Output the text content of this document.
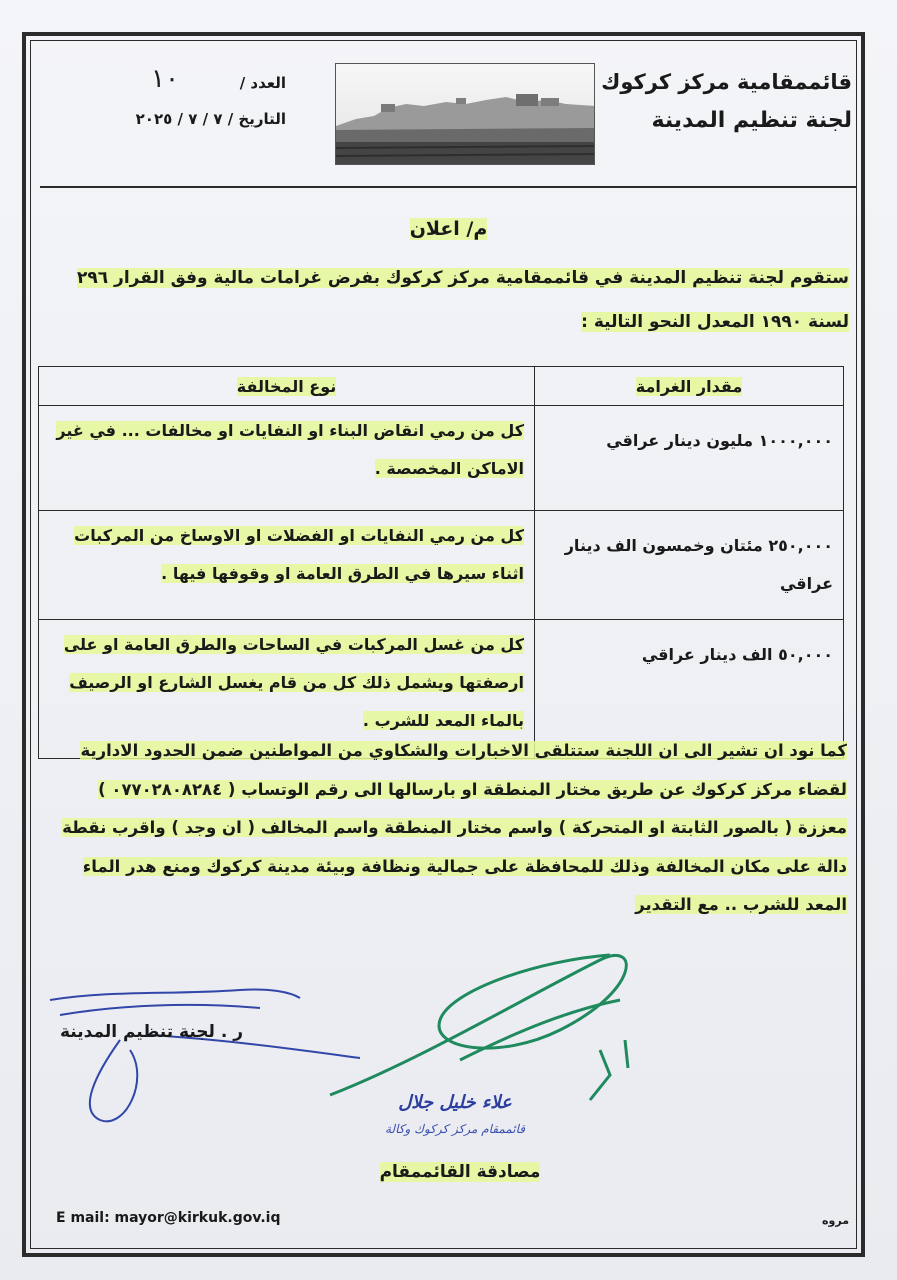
قائممقامية مركز كركوك
لجنة تنظيم المدينة
العدد /
١٠
التاريخ / ٧ / ٧ / ٢٠٢٥
م/ اعلان
ستقوم لجنة تنظيم المدينة في قائممقامية مركز كركوك بفرض غرامات مالية وفق القرار ٢٩٦ لسنة ١٩٩٠ المعدل النحو التالية :
مقدار الغرامة	نوع المخالفة
١٠٠٠,٠٠٠ مليون دينار عراقي	كل من رمي انقاض البناء او النفايات او مخالفات ... في غير الاماكن المخصصة .
٢٥٠,٠٠٠ مئتان وخمسون الف دينار عراقي	كل من رمي النفايات او الفضلات او الاوساخ من المركبات اثناء سيرها في الطرق العامة او وقوفها فيها .
٥٠,٠٠٠ الف دينار عراقي	كل من غسل المركبات في الساحات والطرق العامة او على ارصفتها ويشمل ذلك كل من قام يغسل الشارع او الرصيف بالماء المعد للشرب .
كما نود ان تشير الى ان اللجنة ستتلقى الاخبارات والشكاوي من المواطنين ضمن الحدود الادارية لقضاء مركز كركوك عن طريق مختار المنطقة او بارسالها الى رقم الوتساب ( ٠٧٧٠٢٨٠٨٢٨٤ ) معززة ( بالصور الثابتة او المتحركة ) واسم مختار المنطقة واسم المخالف ( ان وجد ) واقرب نقطة دالة على مكان المخالفة وذلك للمحافظة على جمالية ونظافة وبيئة مدينة كركوك ومنع هدر الماء المعد للشرب .. مع التقدير
ر . لجنة تنظيم المدينة
علاء خليل جلال
قائممقام مركز كركوك وكالة
مصادقة القائممقام
E mail: mayor@kirkuk.gov.iq	مروه
